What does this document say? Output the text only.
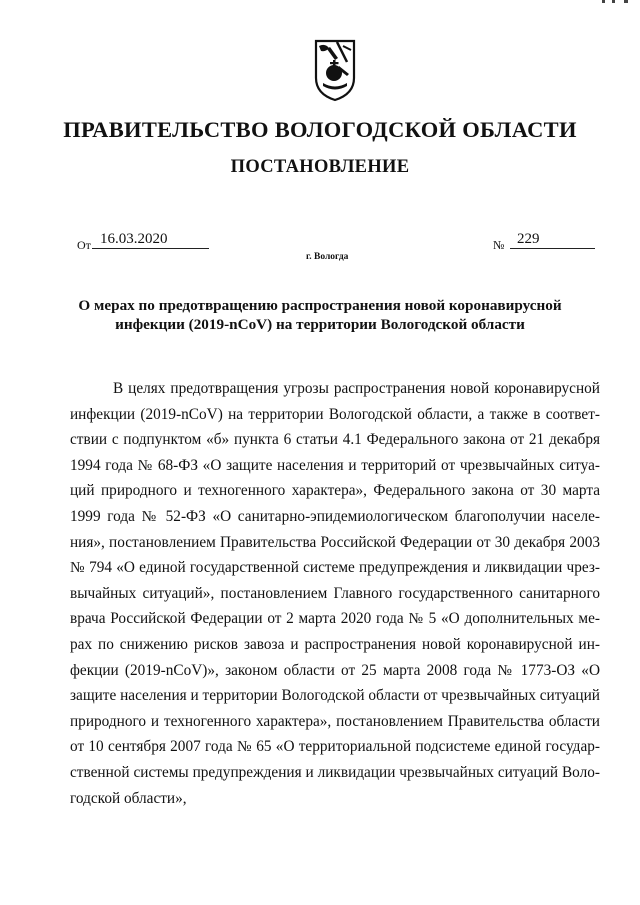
ПРАВИТЕЛЬСТВО ВОЛОГОДСКОЙ ОБЛАСТИ
ПОСТАНОВЛЕНИЕ
От 16.03.2020	№ 229
г. Вологда
О мерах по предотвращению распространения новой коронавирусной
инфекции (2019-nCoV) на территории Вологодской области
В целях предотвращения угрозы распространения новой коронавирусной
инфекции (2019-nCoV) на территории Вологодской области, а также в соответ-
ствии с подпунктом «б» пункта 6 статьи 4.1 Федерального закона от 21 декабря
1994 года № 68-ФЗ «О защите населения и территорий от чрезвычайных ситуа-
ций природного и техногенного характера», Федерального закона от 30 марта
1999 года № 52-ФЗ «О санитарно-эпидемиологическом благополучии населе-
ния», постановлением Правительства Российской Федерации от 30 декабря 2003
№ 794 «О единой государственной системе предупреждения и ликвидации чрез-
вычайных ситуаций», постановлением Главного государственного санитарного
врача Российской Федерации от 2 марта 2020 года № 5 «О дополнительных ме-
рах по снижению рисков завоза и распространения новой коронавирусной ин-
фекции (2019-nCoV)», законом области от 25 марта 2008 года № 1773-ОЗ «О
защите населения и территории Вологодской области от чрезвычайных ситуаций
природного и техногенного характера», постановлением Правительства области
от 10 сентября 2007 года № 65 «О территориальной подсистеме единой государ-
ственной системы предупреждения и ликвидации чрезвычайных ситуаций Воло-
годской области»,
